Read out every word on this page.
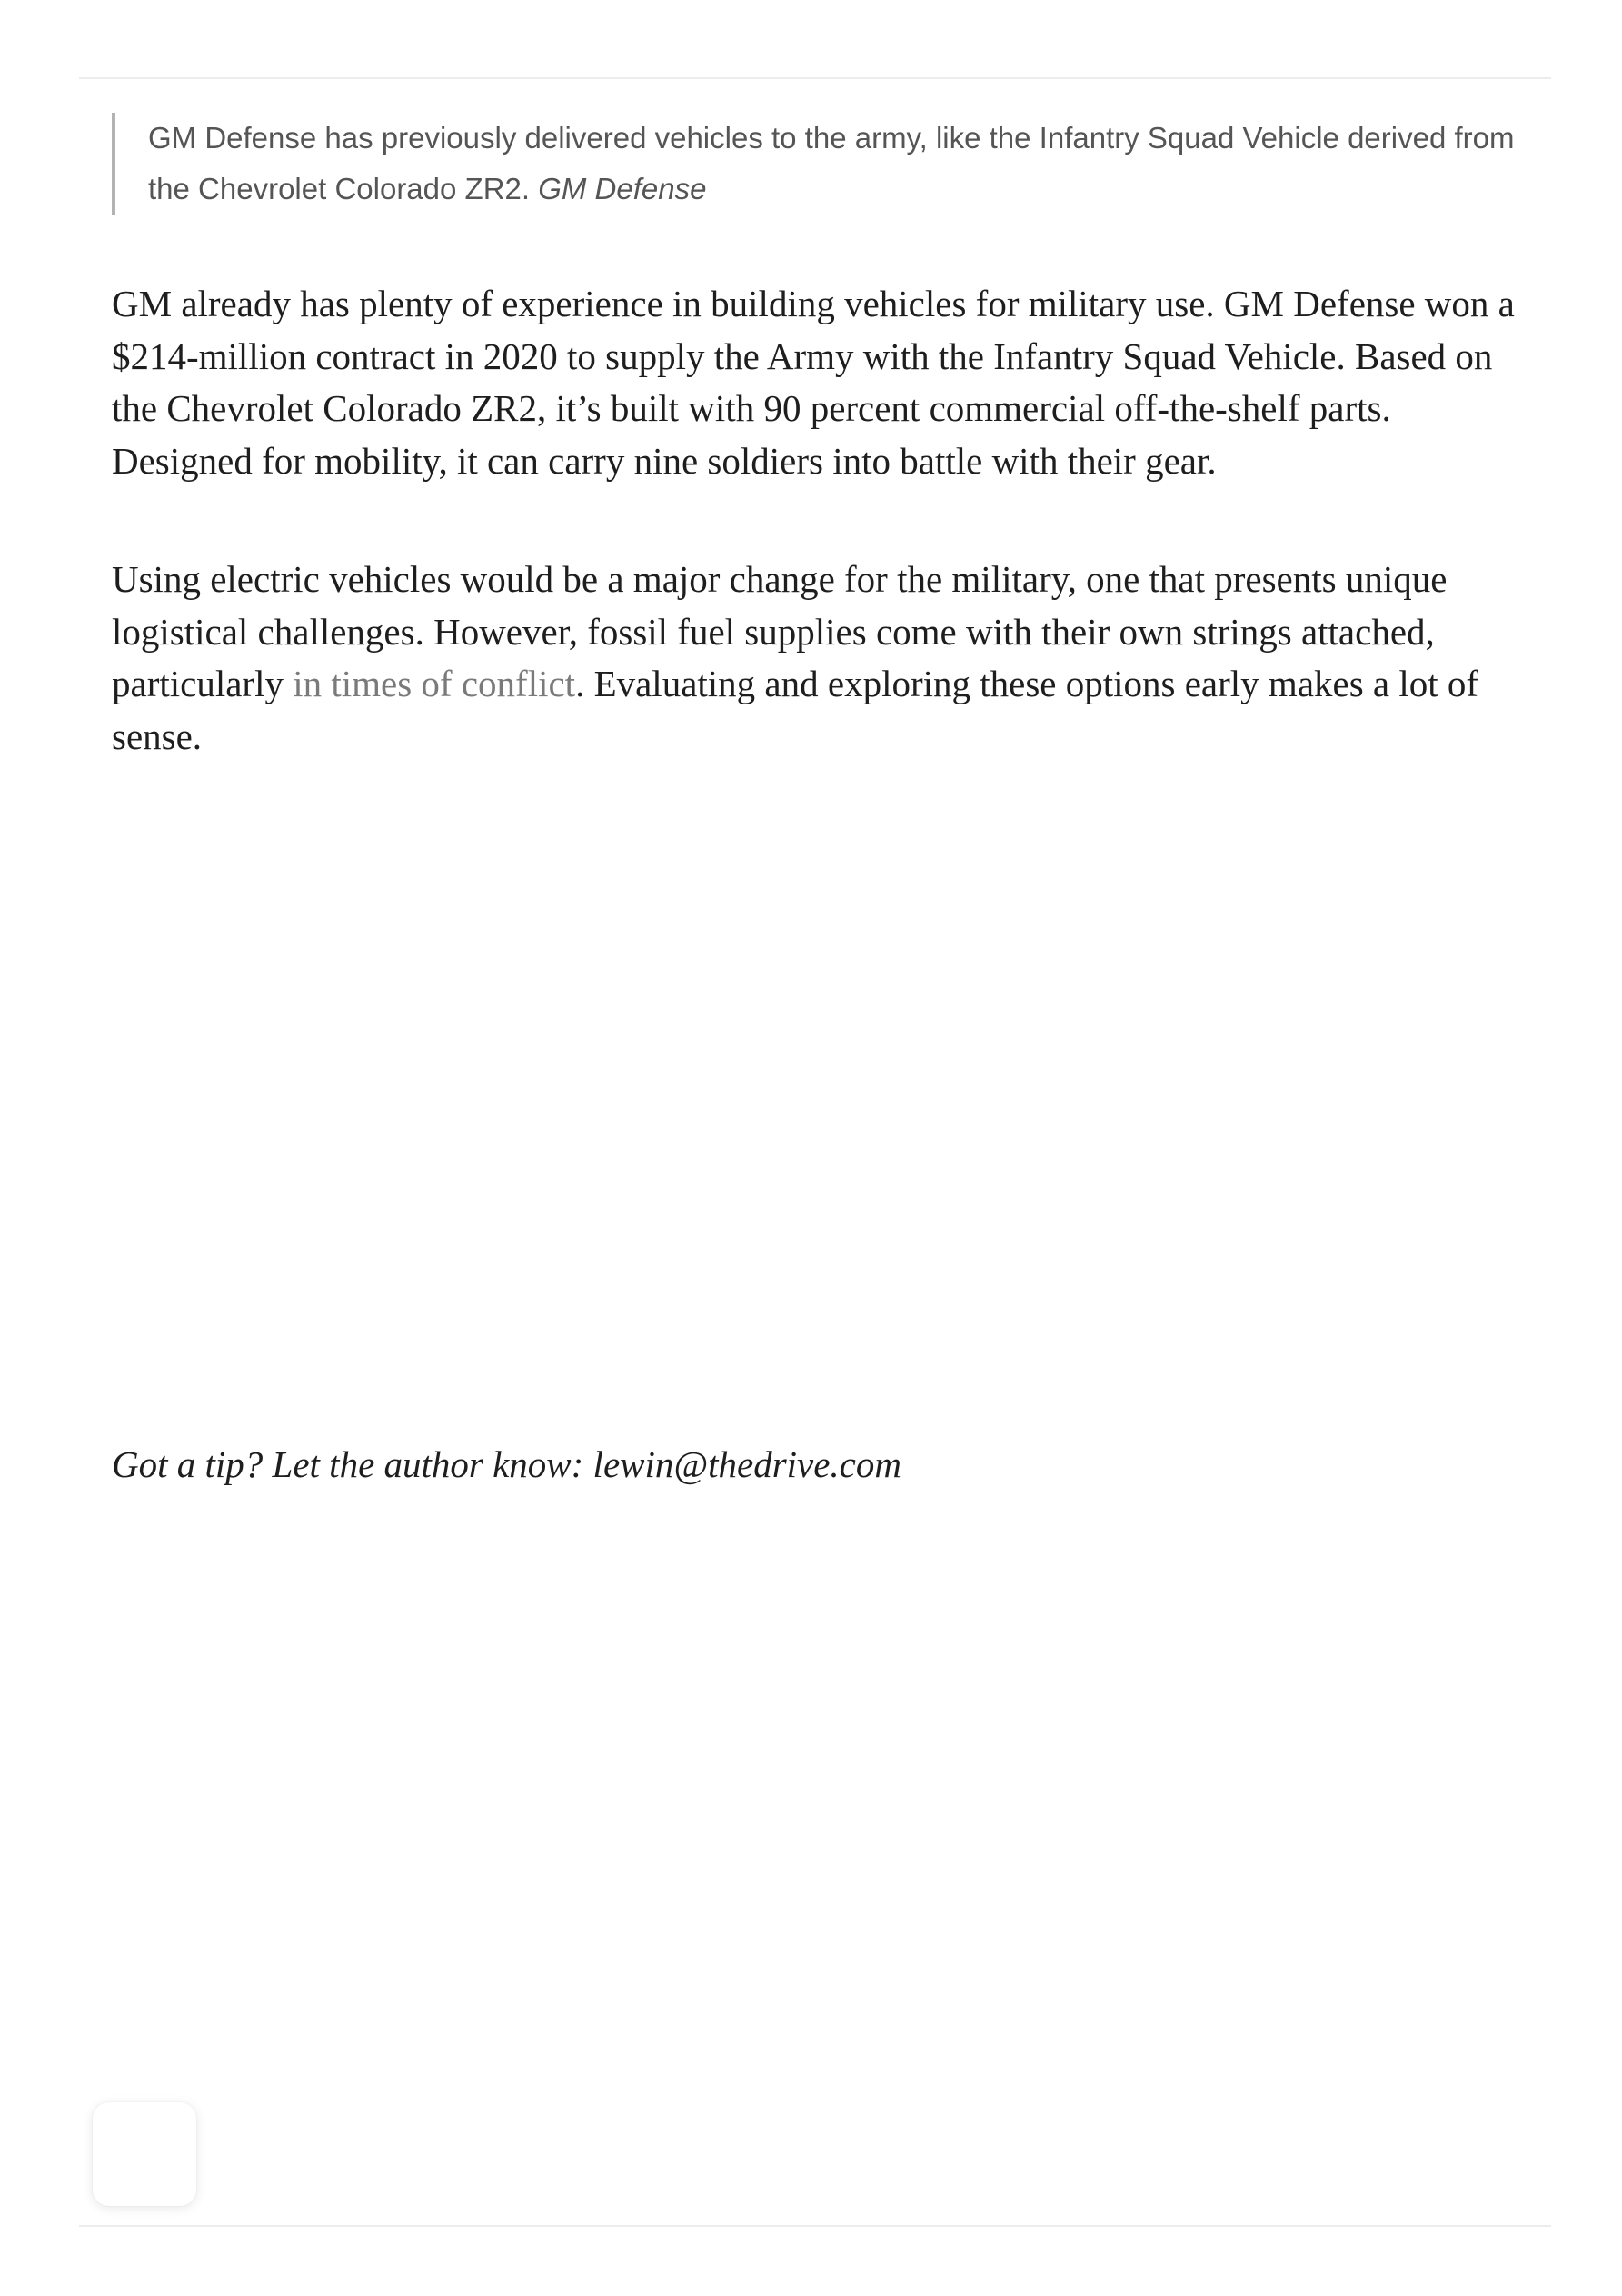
GM Defense has previously delivered vehicles to the army, like the Infantry Squad Vehicle derived from the Chevrolet Colorado ZR2. GM Defense

GM already has plenty of experience in building vehicles for military use. GM Defense won a $214-million contract in 2020 to supply the Army with the Infantry Squad Vehicle. Based on the Chevrolet Colorado ZR2, it’s built with 90 percent commercial off-the-shelf parts. Designed for mobility, it can carry nine soldiers into battle with their gear.

Using electric vehicles would be a major change for the military, one that presents unique logistical challenges. However, fossil fuel supplies come with their own strings attached, particularly in times of conflict. Evaluating and exploring these options early makes a lot of sense.

Got a tip? Let the author know: lewin@thedrive.com
